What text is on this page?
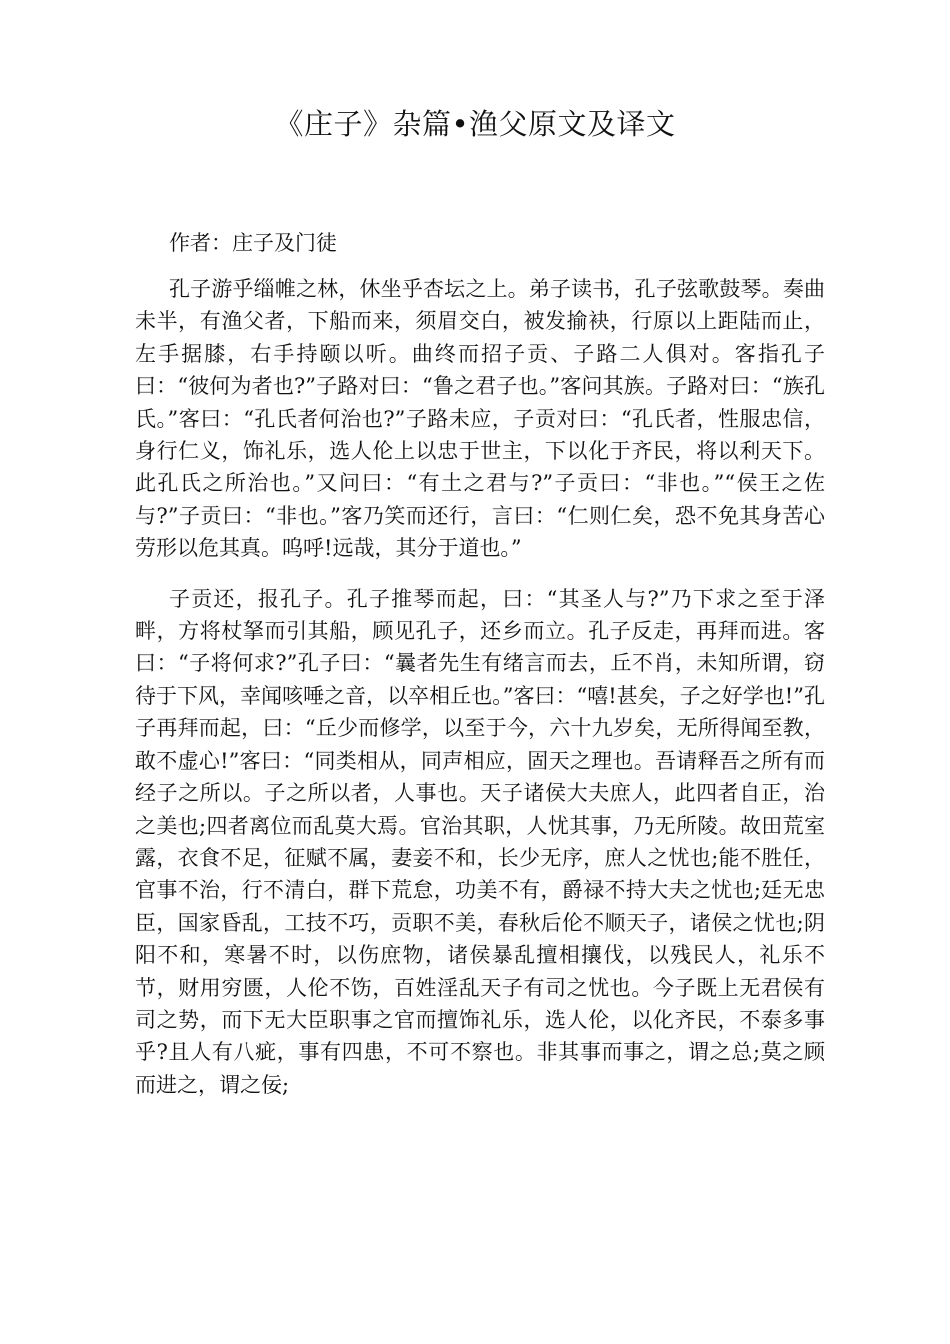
《庄子》杂篇•渔父原文及译文
作者：庄子及门徒

孔子游乎缁帷之林，休坐乎杏坛之上。弟子读书，孔子弦歌鼓琴。奏曲未半，有渔父者，下船而来，须眉交白，被发揄袂，行原以上距陆而止，左手据膝，右手持颐以听。曲终而招子贡、子路二人俱对。客指孔子曰：“彼何为者也?”子路对曰：“鲁之君子也。”客问其族。子路对曰：“族孔氏。”客曰：“孔氏者何治也?”子路未应，子贡对曰：“孔氏者，性服忠信，身行仁义，饰礼乐，选人伦上以忠于世主，下以化于齐民，将以利天下。此孔氏之所治也。”又问曰：“有土之君与?”子贡曰：“非也。”“侯王之佐与?”子贡曰：“非也。”客乃笑而还行，言曰：“仁则仁矣，恐不免其身苦心劳形以危其真。呜呼!远哉，其分于道也。”

子贡还，报孔子。孔子推琴而起，曰：“其圣人与?”乃下求之至于泽畔，方将杖拏而引其船，顾见孔子，还乡而立。孔子反走，再拜而进。客曰：“子将何求?”孔子曰：“曩者先生有绪言而去，丘不肖，未知所谓，窃待于下风，幸闻咳唾之音，以卒相丘也。”客曰：“嘻!甚矣，子之好学也!”孔子再拜而起，曰：“丘少而修学，以至于今，六十九岁矣，无所得闻至教，敢不虚心!”客曰：“同类相从，同声相应，固天之理也。吾请释吾之所有而经子之所以。子之所以者，人事也。天子诸侯大夫庶人，此四者自正，治之美也;四者离位而乱莫大焉。官治其职，人忧其事，乃无所陵。故田荒室露，衣食不足，征赋不属，妻妾不和，长少无序，庶人之忧也;能不胜任，官事不治，行不清白，群下荒怠，功美不有，爵禄不持大夫之忧也;廷无忠臣，国家昏乱，工技不巧，贡职不美，春秋后伦不顺天子，诸侯之忧也;阴阳不和，寒暑不时，以伤庶物，诸侯暴乱擅相攘伐，以残民人，礼乐不节，财用穷匮，人伦不饬，百姓淫乱天子有司之忧也。今子既上无君侯有司之势，而下无大臣职事之官而擅饰礼乐，选人伦，以化齐民，不泰多事乎?且人有八疵，事有四患，不可不察也。非其事而事之，谓之总;莫之顾而进之，谓之佞;
